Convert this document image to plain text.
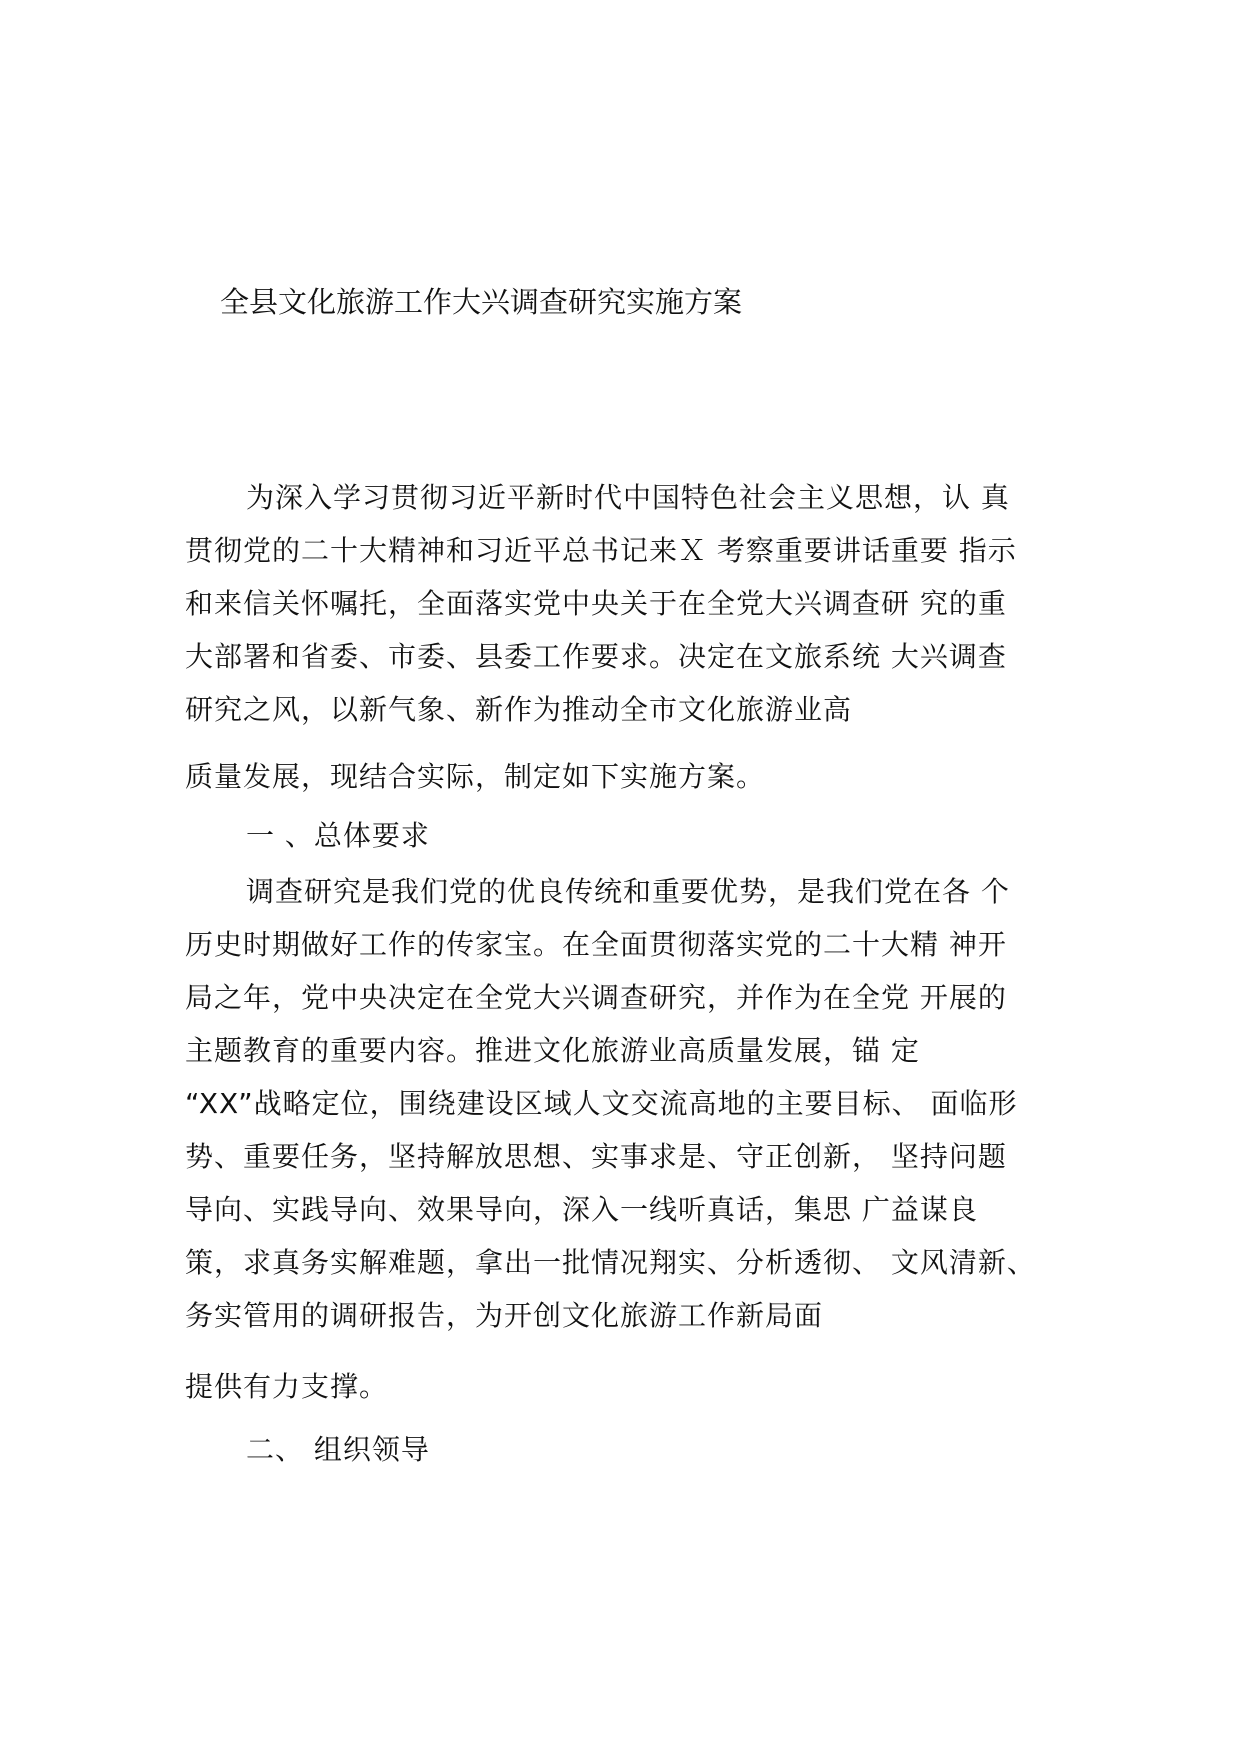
全县文化旅游工作大兴调查研究实施方案
为深入学习贯彻习近平新时代中国特色社会主义思想，认 真
贯彻党的二十大精神和习近平总书记来Ｘ 考察重要讲话重要 指示
和来信关怀嘱托，全面落实党中央关于在全党大兴调查研 究的重
大部署和省委、市委、县委工作要求。决定在文旅系统 大兴调查
研究之风，以新气象、新作为推动全市文化旅游业高
质量发展，现结合实际，制定如下实施方案。
一 、总体要求
调查研究是我们党的优良传统和重要优势，是我们党在各 个
历史时期做好工作的传家宝。在全面贯彻落实党的二十大精 神开
局之年，党中央决定在全党大兴调查研究，并作为在全党 开展的
主题教育的重要内容。推进文化旅游业高质量发展，锚 定
“XX”战略定位，围绕建设区域人文交流高地的主要目标、 面临形
势、重要任务，坚持解放思想、实事求是、守正创新， 坚持问题
导向、实践导向、效果导向，深入一线听真话，集思 广益谋良
策，求真务实解难题，拿出一批情况翔实、分析透彻、 文风清新、
务实管用的调研报告，为开创文化旅游工作新局面
提供有力支撑。
二、 组织领导
